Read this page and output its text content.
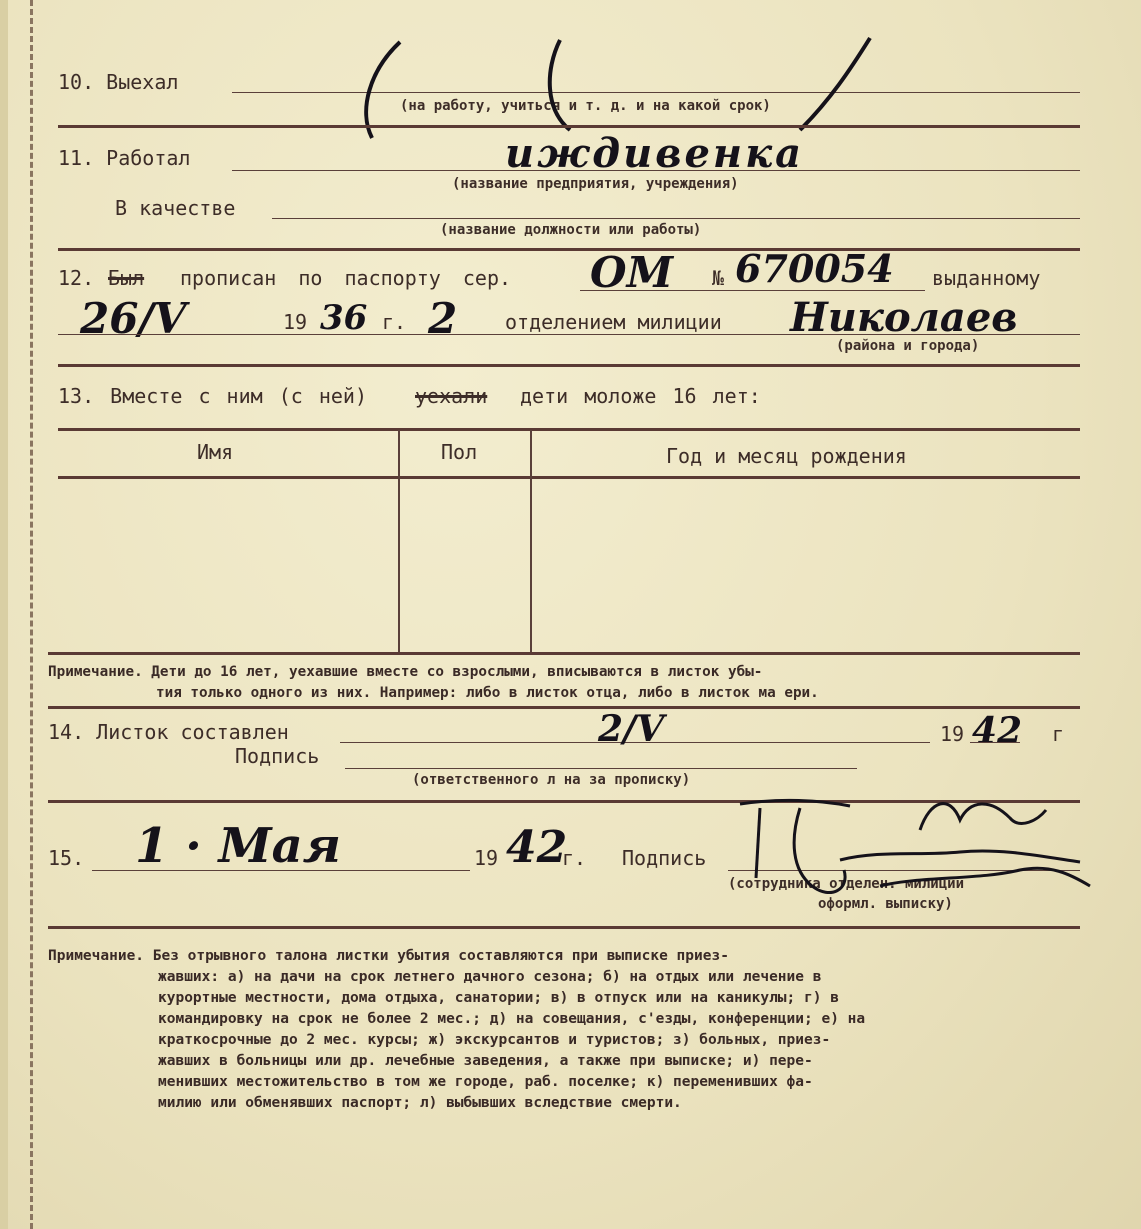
10. Выехал
(на работу, учиться и т. д. и на какой срок)
11. Работал	иждивенка
(название предприятия, учреждения)
В качестве
(название должности или работы)
12. Был прописан по паспорту сер. ОМ № 670054 выданному
26/V	19 36 г. 2 отделением милиции Николаев
(района и города)
13. Вместе с ним (с ней) уехали дети моложе 16 лет:
Имя	Пол	Год и месяц рождения
Примечание. Дети до 16 лет, уехавшие вместе со взрослыми, вписываются в листок убы-
тия только одного из них. Например: либо в листок отца, либо в листок ма ери.
14. Листок составлен	2/V	19 42 г
Подпись
(ответственного л на за прописку)
15. 1 · Мая	19 42
г. Подпись
(сотрудника отделен. милиции
оформл. выписку)
Примечание. Без отрывного талона листки убытия составляются при выписке приез-
жавших: а) на дачи на срок летнего дачного сезона; б) на отдых или лечение в
курортные местности, дома отдыха, санатории; в) в отпуск или на каникулы; г) в
командировку на срок не более 2 мес.; д) на совещания, с'езды, конференции; е) на
краткосрочные до 2 мес. курсы; ж) экскурсантов и туристов; з) больных, приез-
жавших в больницы или др. лечебные заведения, а также при выписке; и) пере-
менивших местожительство в том же городе, раб. поселке; к) переменивших фа-
милию или обменявших паспорт; л) выбывших вследствие смерти.
